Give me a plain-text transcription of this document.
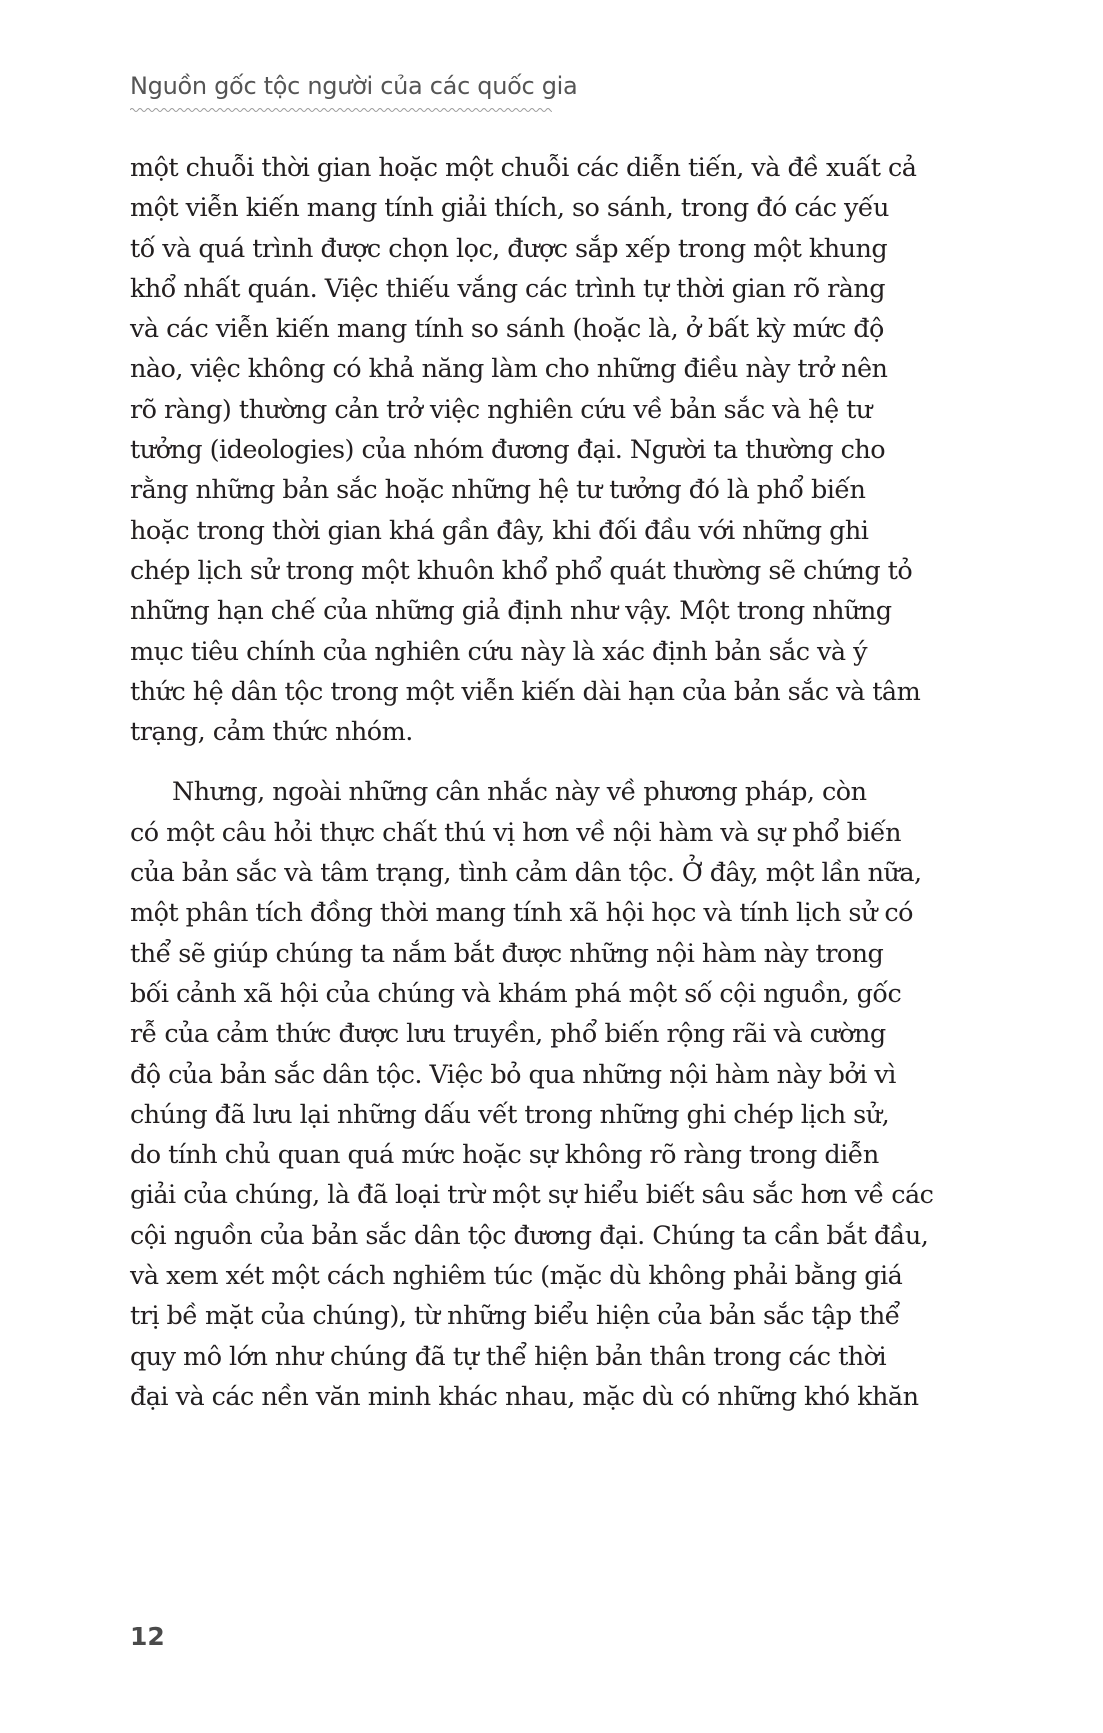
Nguồn gốc tộc người của các quốc gia
một chuỗi thời gian hoặc một chuỗi các diễn tiến, và đề xuất cả
một viễn kiến mang tính giải thích, so sánh, trong đó các yếu
tố và quá trình được chọn lọc, được sắp xếp trong một khung
khổ nhất quán. Việc thiếu vắng các trình tự thời gian rõ ràng
và các viễn kiến mang tính so sánh (hoặc là, ở bất kỳ mức độ
nào, việc không có khả năng làm cho những điều này trở nên
rõ ràng) thường cản trở việc nghiên cứu về bản sắc và hệ tư
tưởng (ideologies) của nhóm đương đại. Người ta thường cho
rằng những bản sắc hoặc những hệ tư tưởng đó là phổ biến
hoặc trong thời gian khá gần đây, khi đối đầu với những ghi
chép lịch sử trong một khuôn khổ phổ quát thường sẽ chứng tỏ
những hạn chế của những giả định như vậy. Một trong những
mục tiêu chính của nghiên cứu này là xác định bản sắc và ý
thức hệ dân tộc trong một viễn kiến dài hạn của bản sắc và tâm
trạng, cảm thức nhóm.
Nhưng, ngoài những cân nhắc này về phương pháp, còn
có một câu hỏi thực chất thú vị hơn về nội hàm và sự phổ biến
của bản sắc và tâm trạng, tình cảm dân tộc. Ở đây, một lần nữa,
một phân tích đồng thời mang tính xã hội học và tính lịch sử có
thể sẽ giúp chúng ta nắm bắt được những nội hàm này trong
bối cảnh xã hội của chúng và khám phá một số cội nguồn, gốc
rễ của cảm thức được lưu truyền, phổ biến rộng rãi và cường
độ của bản sắc dân tộc. Việc bỏ qua những nội hàm này bởi vì
chúng đã lưu lại những dấu vết trong những ghi chép lịch sử,
do tính chủ quan quá mức hoặc sự không rõ ràng trong diễn
giải của chúng, là đã loại trừ một sự hiểu biết sâu sắc hơn về các
cội nguồn của bản sắc dân tộc đương đại. Chúng ta cần bắt đầu,
và xem xét một cách nghiêm túc (mặc dù không phải bằng giá
trị bề mặt của chúng), từ những biểu hiện của bản sắc tập thể
quy mô lớn như chúng đã tự thể hiện bản thân trong các thời
đại và các nền văn minh khác nhau, mặc dù có những khó khăn
12
